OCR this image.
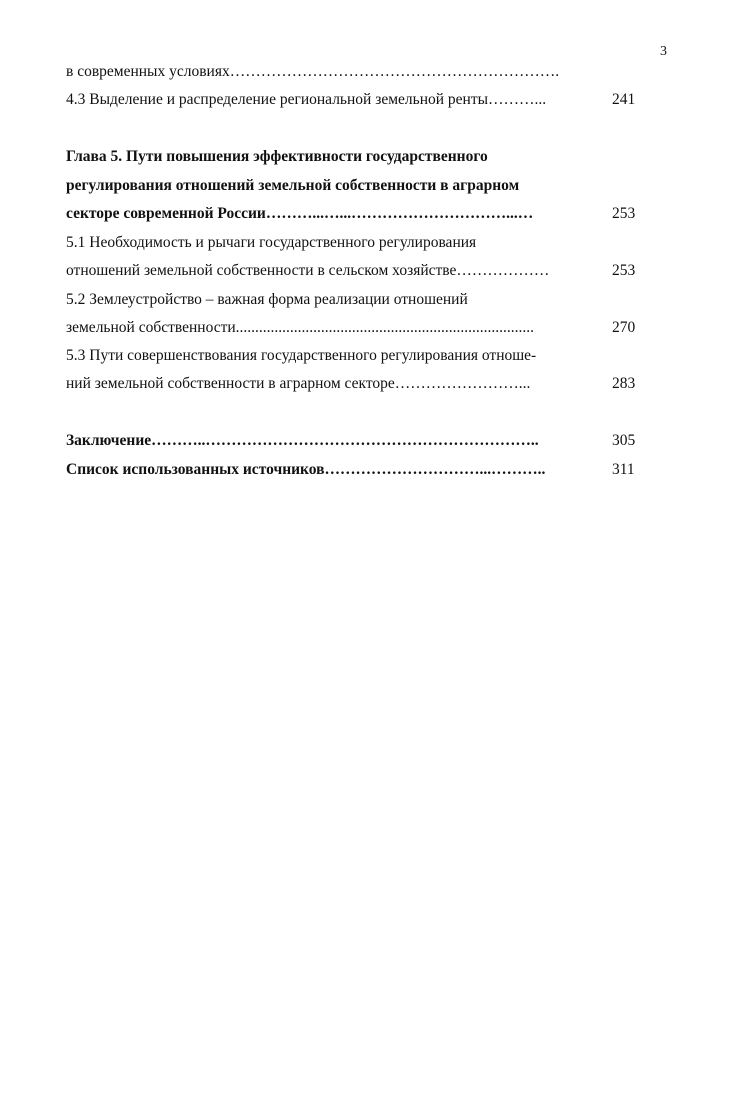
3
в современных условиях……………………………………………………….
4.3 Выделение и распределение региональной земельной ренты………...	241
Глава 5. Пути повышения эффективности государственного
регулирования отношений земельной собственности в аграрном
секторе современной России………...…...…………………………...…	253
5.1 Необходимость и рычаги государственного регулирования
отношений земельной собственности в сельском хозяйстве………………	253
5.2 Землеустройство – важная форма реализации отношений
земельной собственности.............................................................................	270
5.3 Пути совершенствования государственного регулирования отноше-
ний земельной собственности в аграрном секторе……………………...	283
Заключение………..………………………………………………………..	305
Список использованных источников…………………………...………..	311
